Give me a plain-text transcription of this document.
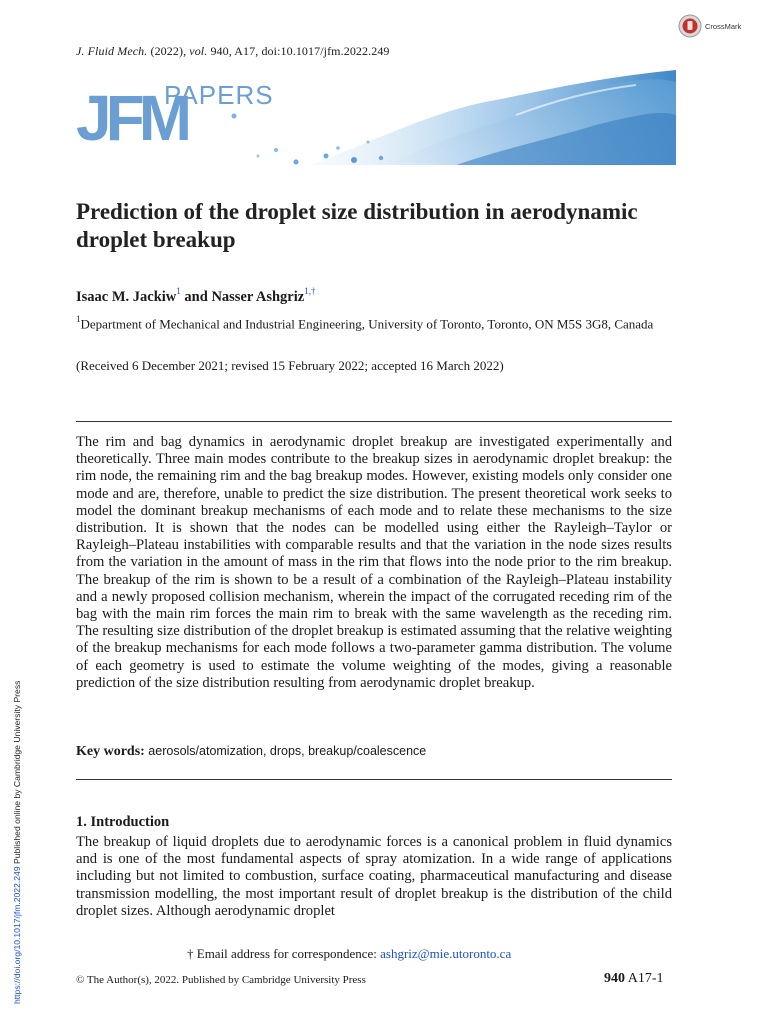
J. Fluid Mech. (2022), vol. 940, A17, doi:10.1017/jfm.2022.249
CrossMark
JFM
PAPERS
Prediction of the droplet size distribution in aerodynamic droplet breakup
Isaac M. Jackiw$^1$ and Nasser Ashgriz$^{1,\dagger}$
$^1$Department of Mechanical and Industrial Engineering, University of Toronto, Toronto, ON M5S 3G8, Canada
(Received 6 December 2021; revised 15 February 2022; accepted 16 March 2022)
The rim and bag dynamics in aerodynamic droplet breakup are investigated experimentally and theoretically. Three main modes contribute to the breakup sizes in aerodynamic droplet breakup: the rim node, the remaining rim and the bag breakup modes. However, existing models only consider one mode and are, therefore, unable to predict the size distribution. The present theoretical work seeks to model the dominant breakup mechanisms of each mode and to relate these mechanisms to the size distribution. It is shown that the nodes can be modelled using either the Rayleigh–Taylor or Rayleigh–Plateau instabilities with comparable results and that the variation in the node sizes results from the variation in the amount of mass in the rim that flows into the node prior to the rim breakup. The breakup of the rim is shown to be a result of a combination of the Rayleigh–Plateau instability and a newly proposed collision mechanism, wherein the impact of the corrugated receding rim of the bag with the main rim forces the main rim to break with the same wavelength as the receding rim. The resulting size distribution of the droplet breakup is estimated assuming that the relative weighting of the breakup mechanisms for each mode follows a two-parameter gamma distribution. The volume of each geometry is used to estimate the volume weighting of the modes, giving a reasonable prediction of the size distribution resulting from aerodynamic droplet breakup.
Key words: aerosols/atomization, drops, breakup/coalescence
1. Introduction
The breakup of liquid droplets due to aerodynamic forces is a canonical problem in fluid dynamics and is one of the most fundamental aspects of spray atomization. In a wide range of applications including but not limited to combustion, surface coating, pharmaceutical manufacturing and disease transmission modelling, the most important result of droplet breakup is the distribution of the child droplet sizes. Although aerodynamic droplet
† Email address for correspondence: ashgriz@mie.utoronto.ca
© The Author(s), 2022. Published by Cambridge University Press	940 A17-1
https://doi.org/10.1017/jfm.2022.249 Published online by Cambridge University Press
